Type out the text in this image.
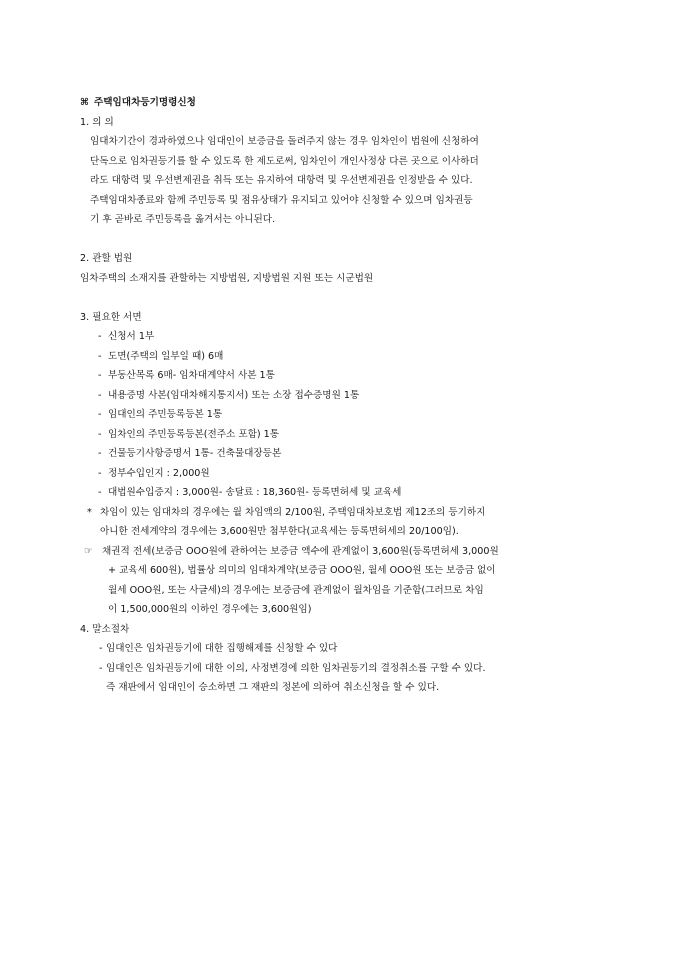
⌘ 주택임대차등기명령신청
1. 의 의
임대차기간이 경과하였으나 임대인이 보증금을 돌려주지 않는 경우 임차인이 법원에 신청하여
단독으로 임차권등기를 할 수 있도록 한 제도로써, 임차인이 개인사정상 다른 곳으로 이사하더
라도 대항력 및 우선변제권을 취득 또는 유지하여 대항력 및 우선변제권을 인정받을 수 있다.
주택임대차종료와 함께 주민등록 및 점유상태가 유지되고 있어야 신청할 수 있으며 임차권등
기 후 곧바로 주민등록을 옮겨서는 아니된다.
2. 관할 법원
임차주택의 소재지를 관할하는 지방법원, 지방법원 지원 또는 시군법원
3. 필요한 서면
- 신청서 1부
- 도면(주택의 일부일 때) 6매
- 부동산목록 6매- 임차대계약서 사본 1통
- 내용증명 사본(임대차해지통지서) 또는 소장 접수증명원 1통
- 임대인의 주민등록등본 1통
- 임차인의 주민등록등본(전주소 포함) 1통
- 건물등기사항증명서 1통- 건축물대장등본
- 정부수입인지 : 2,000원
- 대법원수입증지 : 3,000원- 송달료 : 18,360원- 등록면허세 및 교육세
* 차임이 있는 임대차의 경우에는 월 차임액의 2/100원, 주택임대차보호법 제12조의 등기하지
아니한 전세계약의 경우에는 3,600원만 첨부한다(교육세는 등록면허세의 20/100임).
☞ 채권적 전세(보증금 OOO원에 관하여는 보증금 액수에 관계없이 3,600원(등록면허세 3,000원
+ 교육세 600원), 법률상 의미의 임대차계약(보증금 OOO원, 월세 OOO원 또는 보증금 없이
월세 OOO원, 또는 사글세)의 경우에는 보증금에 관계없이 월차임을 기준함(그러므로 차임
이 1,500,000원의 이하인 경우에는 3,600원임)
4. 말소절차
- 임대인은 임차권등기에 대한 집행해제를 신청할 수 있다
- 임대인은 임차권등기에 대한 이의, 사정변경에 의한 임차권등기의 결정취소를 구할 수 있다.
즉 재판에서 임대인이 승소하면 그 재판의 정본에 의하여 취소신청을 할 수 있다.
